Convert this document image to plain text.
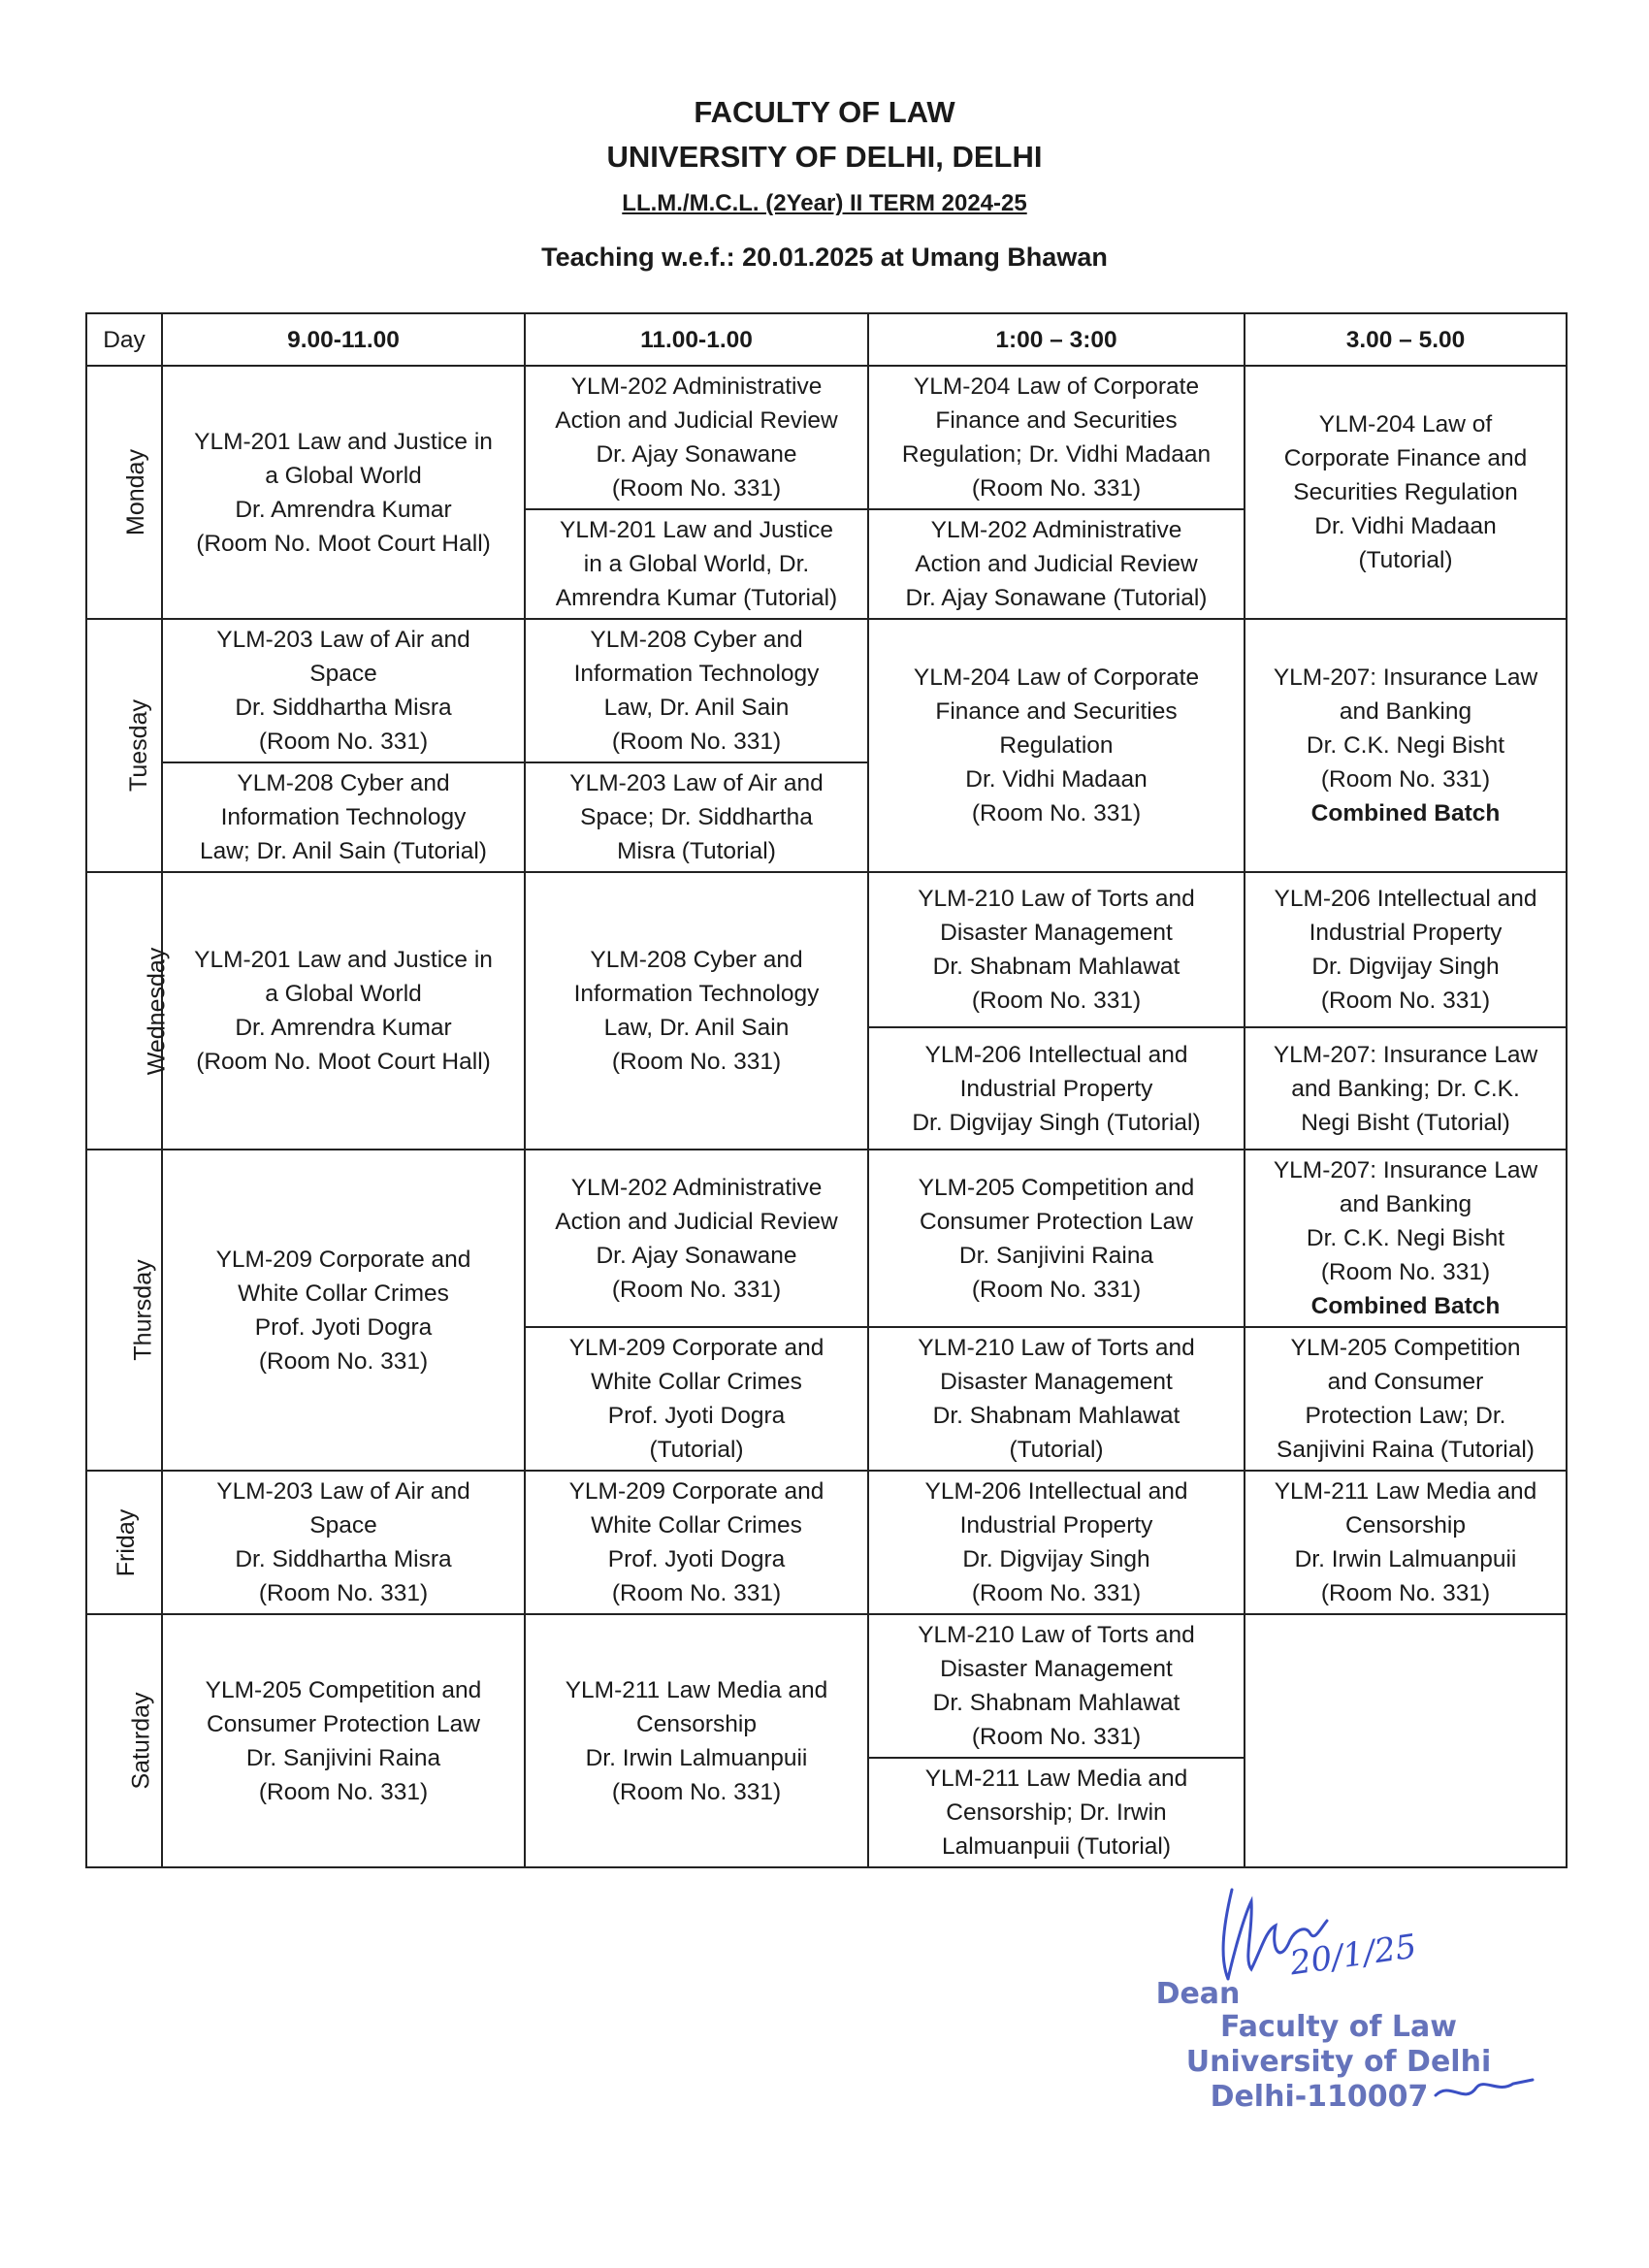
FACULTY OF LAW
UNIVERSITY OF DELHI, DELHI
LL.M./M.C.L. (2Year) II TERM 2024-25
Teaching w.e.f.: 20.01.2025 at Umang Bhawan
Day	9.00-11.00	11.00-1.00	1:00 – 3:00	3.00 – 5.00
Monday	YLM-201 Law and Justice in
a Global World
Dr. Amrendra Kumar
(Room No. Moot Court Hall)	YLM-202 Administrative
Action and Judicial Review
Dr. Ajay Sonawane
(Room No. 331)	YLM-204 Law of Corporate
Finance and Securities
Regulation; Dr. Vidhi Madaan
(Room No. 331)	YLM-204 Law of
Corporate Finance and
Securities Regulation
Dr. Vidhi Madaan
(Tutorial)

		YLM-201 Law and Justice
in a Global World, Dr.
Amrendra Kumar (Tutorial)	YLM-202 Administrative
Action and Judicial Review
Dr. Ajay Sonawane (Tutorial)	

Tuesday	YLM-203 Law of Air and
Space
Dr. Siddhartha Misra
(Room No. 331)	YLM-208 Cyber and
Information Technology
Law, Dr. Anil Sain
(Room No. 331)	YLM-204 Law of Corporate
Finance and Securities
Regulation
Dr. Vidhi Madaan
(Room No. 331)	YLM-207: Insurance Law
and Banking
Dr. C.K. Negi Bisht
(Room No. 331)
Combined Batch

	YLM-208 Cyber and
Information Technology
Law; Dr. Anil Sain (Tutorial)	YLM-203 Law of Air and
Space; Dr. Siddhartha
Misra (Tutorial)		

Wednesday	YLM-201 Law and Justice in
a Global World
Dr. Amrendra Kumar
(Room No. Moot Court Hall)	YLM-208 Cyber and
Information Technology
Law, Dr. Anil Sain
(Room No. 331)	YLM-210 Law of Torts and
Disaster Management
Dr. Shabnam Mahlawat
(Room No. 331)	YLM-206 Intellectual and
Industrial Property
Dr. Digvijay Singh
(Room No. 331)

			YLM-206 Intellectual and
Industrial Property
Dr. Digvijay Singh (Tutorial)	YLM-207: Insurance Law
and Banking; Dr. C.K.
Negi Bisht (Tutorial)

Thursday	YLM-209 Corporate and
White Collar Crimes
Prof. Jyoti Dogra
(Room No. 331)	YLM-202 Administrative
Action and Judicial Review
Dr. Ajay Sonawane
(Room No. 331)	YLM-205 Competition and
Consumer Protection Law
Dr. Sanjivini Raina
(Room No. 331)	YLM-207: Insurance Law
and Banking
Dr. C.K. Negi Bisht
(Room No. 331)
Combined Batch

		YLM-209 Corporate and
White Collar Crimes
Prof. Jyoti Dogra
(Tutorial)	YLM-210 Law of Torts and
Disaster Management
Dr. Shabnam Mahlawat
(Tutorial)	YLM-205 Competition
and Consumer
Protection Law; Dr.
Sanjivini Raina (Tutorial)

Friday	YLM-203 Law of Air and
Space
Dr. Siddhartha Misra
(Room No. 331)	YLM-209 Corporate and
White Collar Crimes
Prof. Jyoti Dogra
(Room No. 331)	YLM-206 Intellectual and
Industrial Property
Dr. Digvijay Singh
(Room No. 331)	YLM-211 Law Media and
Censorship
Dr. Irwin Lalmuanpuii
(Room No. 331)

Saturday	YLM-205 Competition and
Consumer Protection Law
Dr. Sanjivini Raina
(Room No. 331)	YLM-211 Law Media and
Censorship
Dr. Irwin Lalmuanpuii
(Room No. 331)	YLM-210 Law of Torts and
Disaster Management
Dr. Shabnam Mahlawat
(Room No. 331)	

			YLM-211 Law Media and
Censorship; Dr. Irwin
Lalmuanpuii (Tutorial)	
20/1/25
Dean
Faculty of Law
University of Delhi
Delhi-110007
